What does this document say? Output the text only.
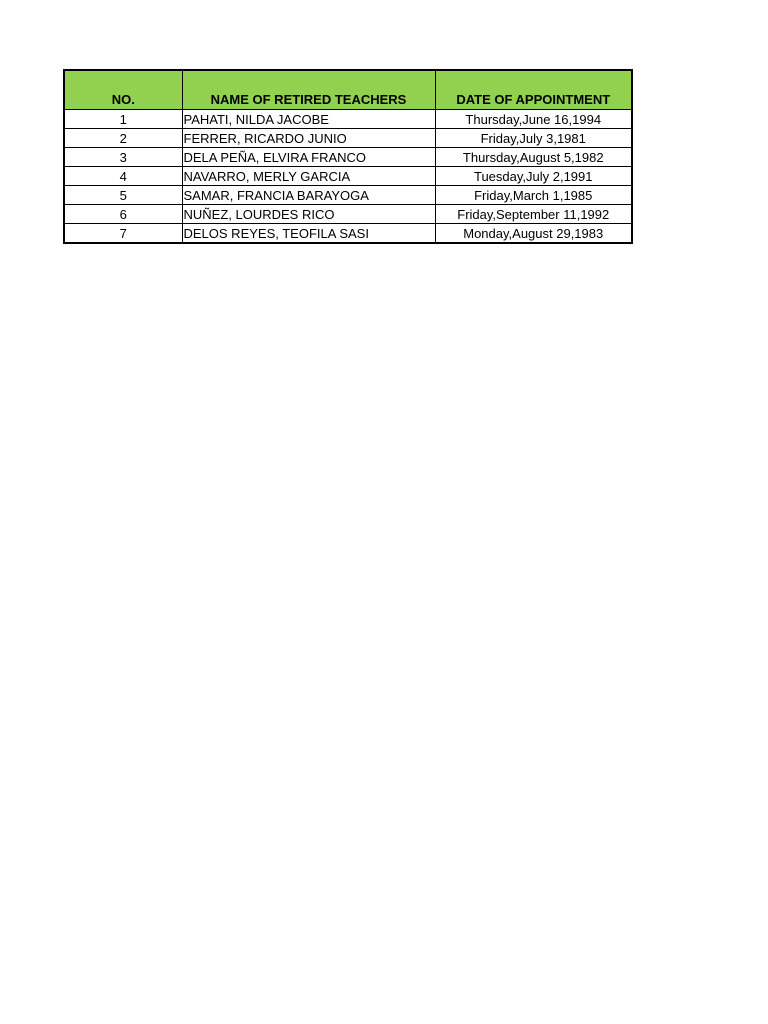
NO.	NAME OF RETIRED TEACHERS	DATE OF APPOINTMENT
1	PAHATI, NILDA JACOBE	Thursday,June 16,1994
2	FERRER, RICARDO JUNIO	Friday,July 3,1981
3	DELA PEÑA, ELVIRA FRANCO	Thursday,August 5,1982
4	NAVARRO, MERLY GARCIA	Tuesday,July 2,1991
5	SAMAR, FRANCIA BARAYOGA	Friday,March 1,1985
6	NUÑEZ, LOURDES RICO	Friday,September 11,1992
7	DELOS REYES, TEOFILA SASI	Monday,August 29,1983
